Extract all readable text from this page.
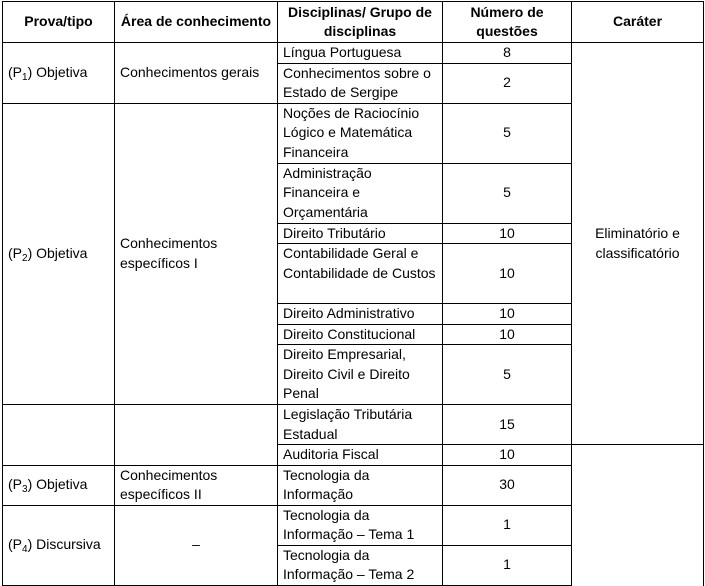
Prova/tipo	Área de conhecimento	Disciplinas/ Grupo de disciplinas	Número de questões	Caráter	
$(P_1)$ Objetiva	Conhecimentos gerais	Língua Portuguesa	8	Eliminatório e classificatório	
		Conhecimentos sobre o Estado de Sergipe	2		
$(P_2)$ Objetiva	Conhecimentos específicos I	Noções de Raciocínio Lógico e Matemática Financeira	5		
		Administração Financeira e Orçamentária	5		
		Direito Tributário	10		
		Contabilidade Geral e Contabilidade de Custos	10		
		Direito Administrativo	10		
		Direito Constitucional	10		
		Direito Empresarial, Direito Civil e Direito Penal	5		
		Legislação Tributária Estadual	15		
		Auditoria Fiscal	10		
$(P_3)$ Objetiva	Conhecimentos específicos II	Tecnologia da Informação	30		
$(P_4)$ Discursiva	–	Tecnologia da Informação – Tema 1	1		
		Tecnologia da Informação – Tema 2	1		
